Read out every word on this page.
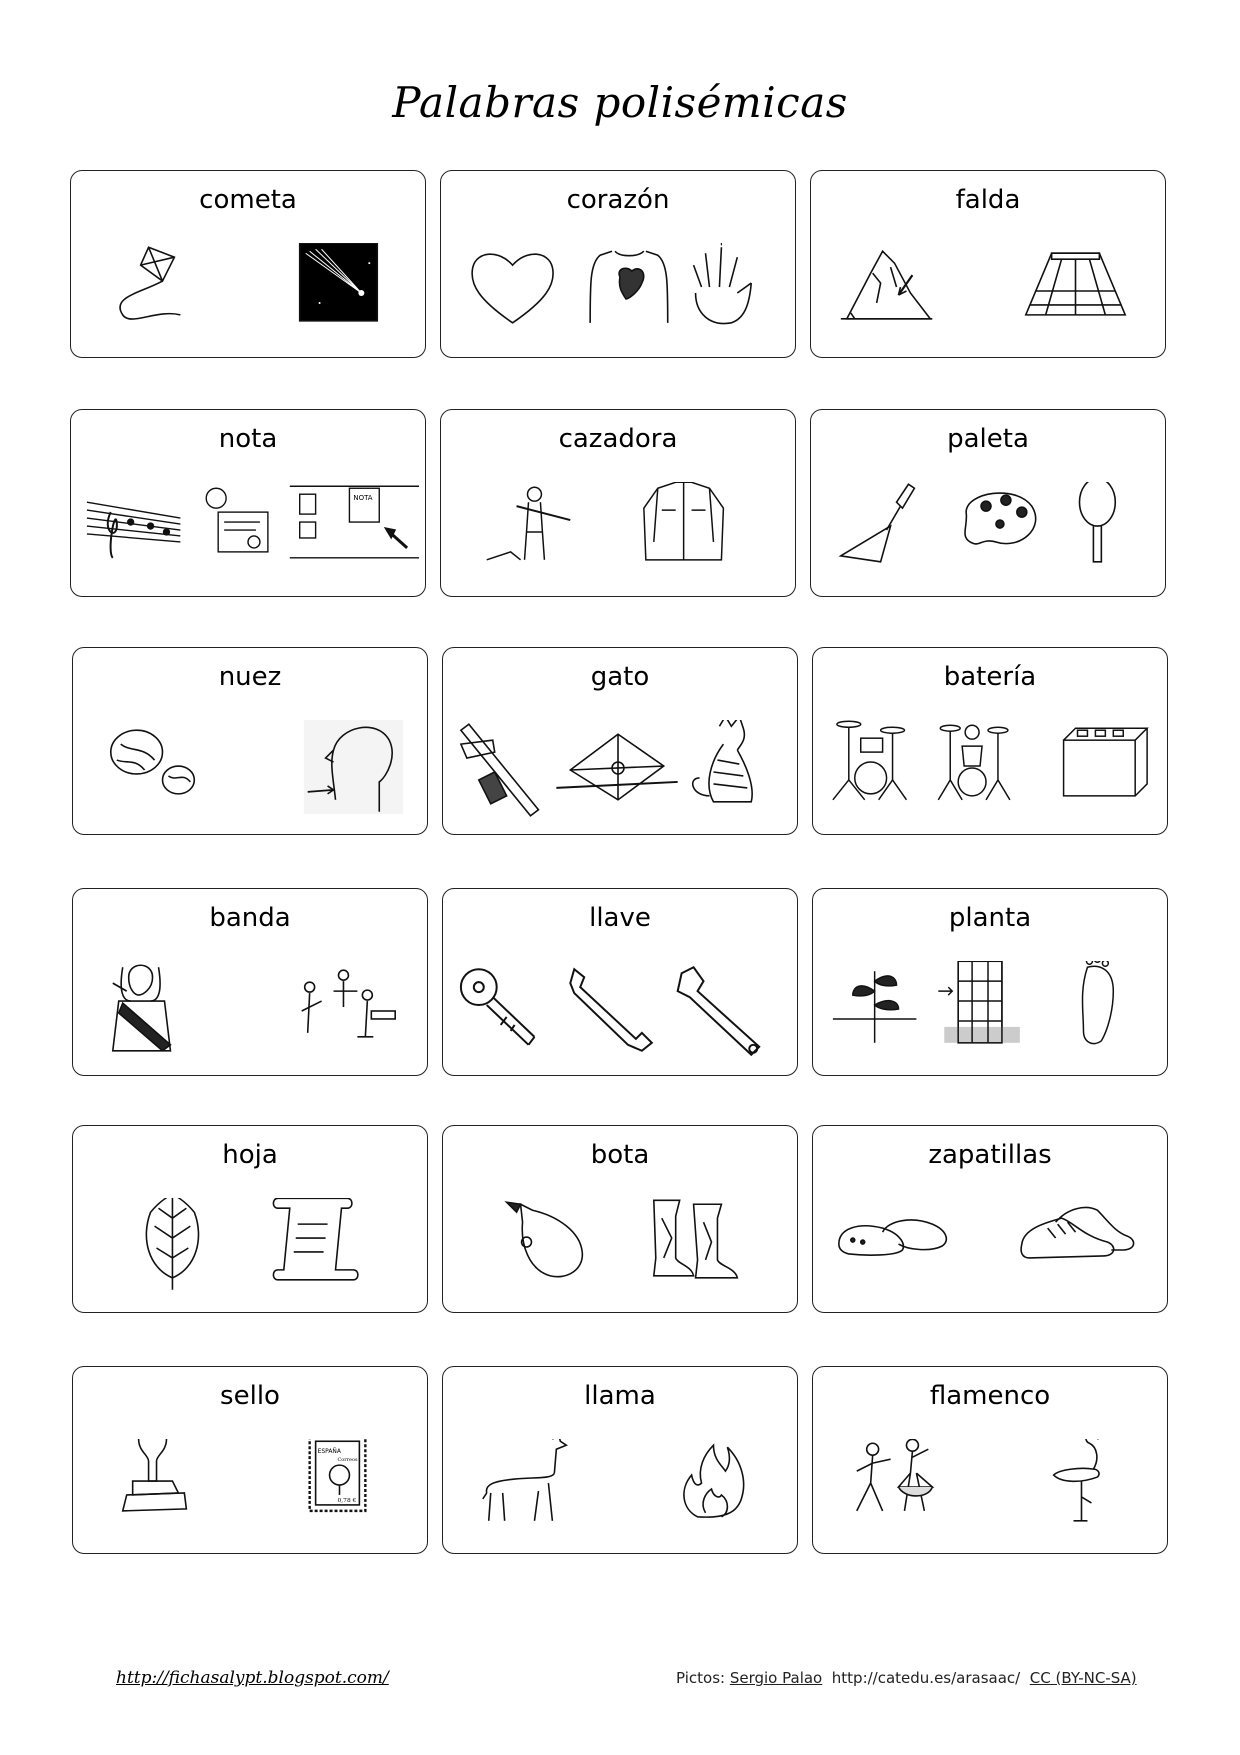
Palabras polisémicas
cometa	corazón	falda
nota
NOTA
cazadora	paleta
nuez	gato	batería
banda	llave	planta
hoja	bota	zapatillas
sello
ESPAÑA
Correos
0,78 €
llama	flamenco
http://fichasalypt.blogspot.com/	Pictos: Sergio Palao http://catedu.es/arasaac/ CC (BY-NC-SA)
